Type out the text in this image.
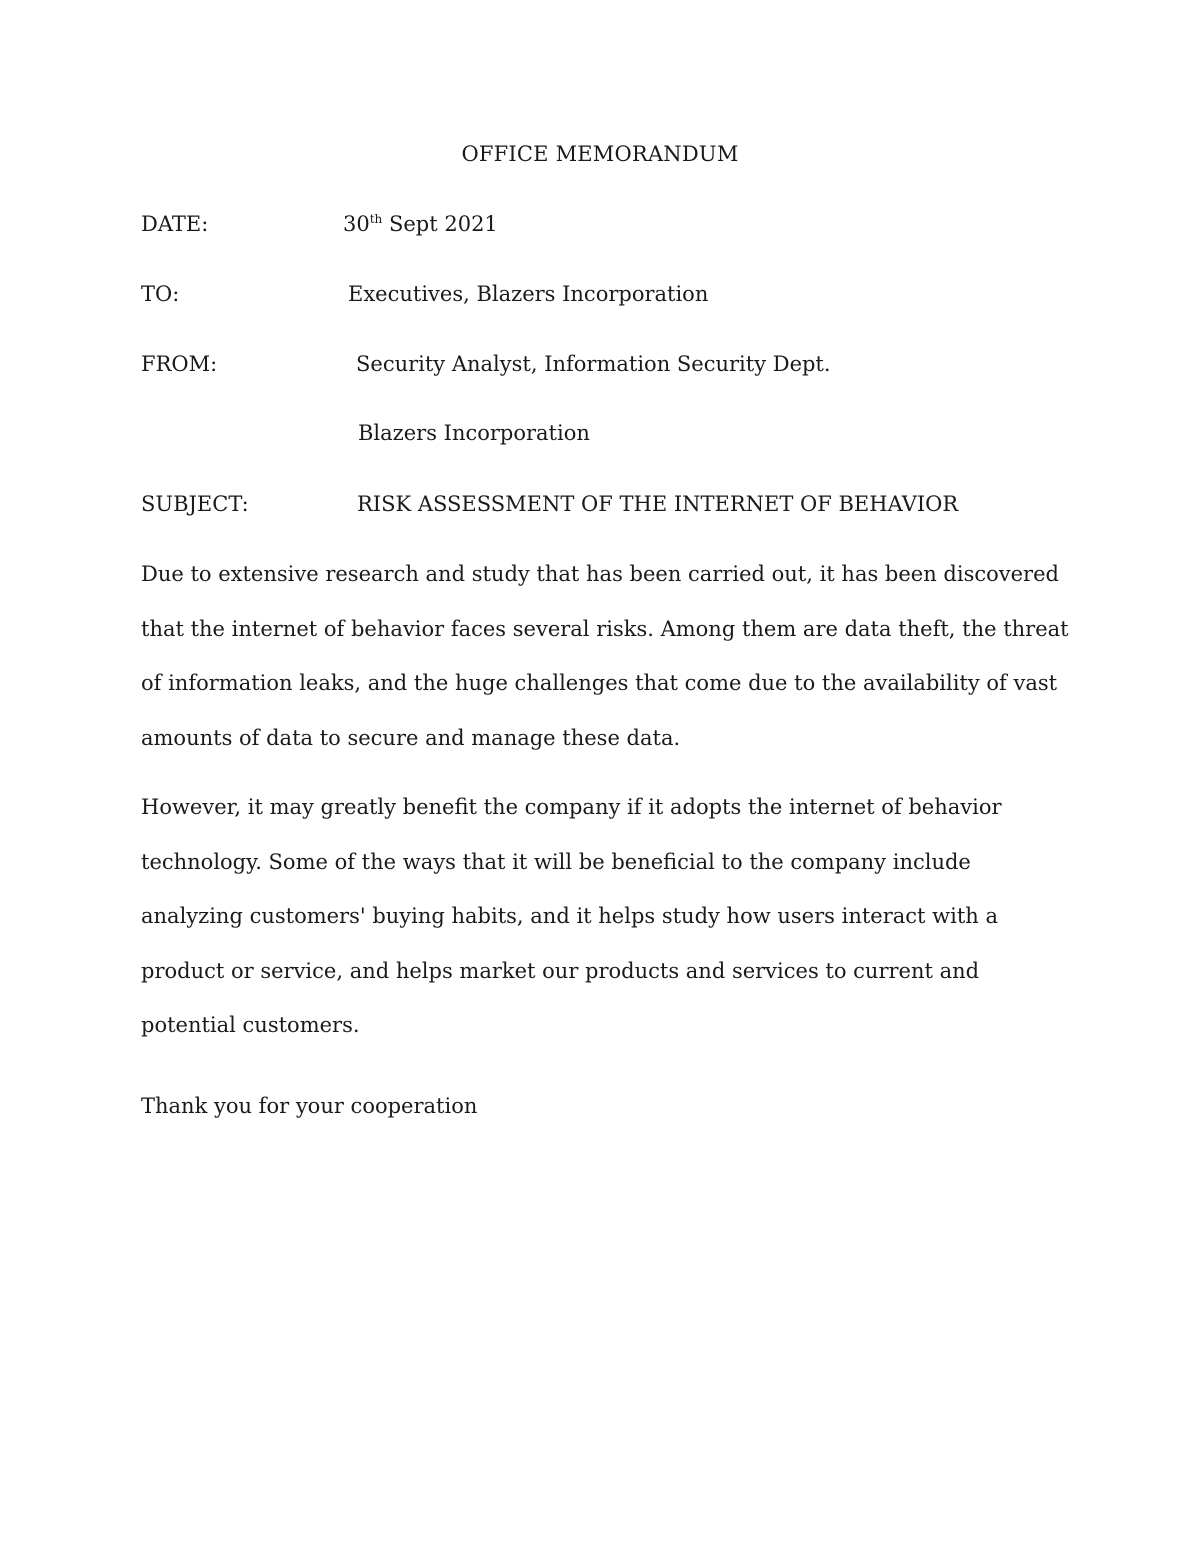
OFFICE MEMORANDUM
DATE:	30th Sept 2021
TO:	Executives, Blazers Incorporation
FROM:	Security Analyst, Information Security Dept.
Blazers Incorporation
SUBJECT:	RISK ASSESSMENT OF THE INTERNET OF BEHAVIOR

Due to extensive research and study that has been carried out, it has been discovered that the internet of behavior faces several risks. Among them are data theft, the threat of information leaks, and the huge challenges that come due to the availability of vast amounts of data to secure and manage these data.

However, it may greatly benefit the company if it adopts the internet of behavior technology. Some of the ways that it will be beneficial to the company include analyzing customers' buying habits, and it helps study how users interact with a product or service, and helps market our products and services to current and potential customers.

Thank you for your cooperation
